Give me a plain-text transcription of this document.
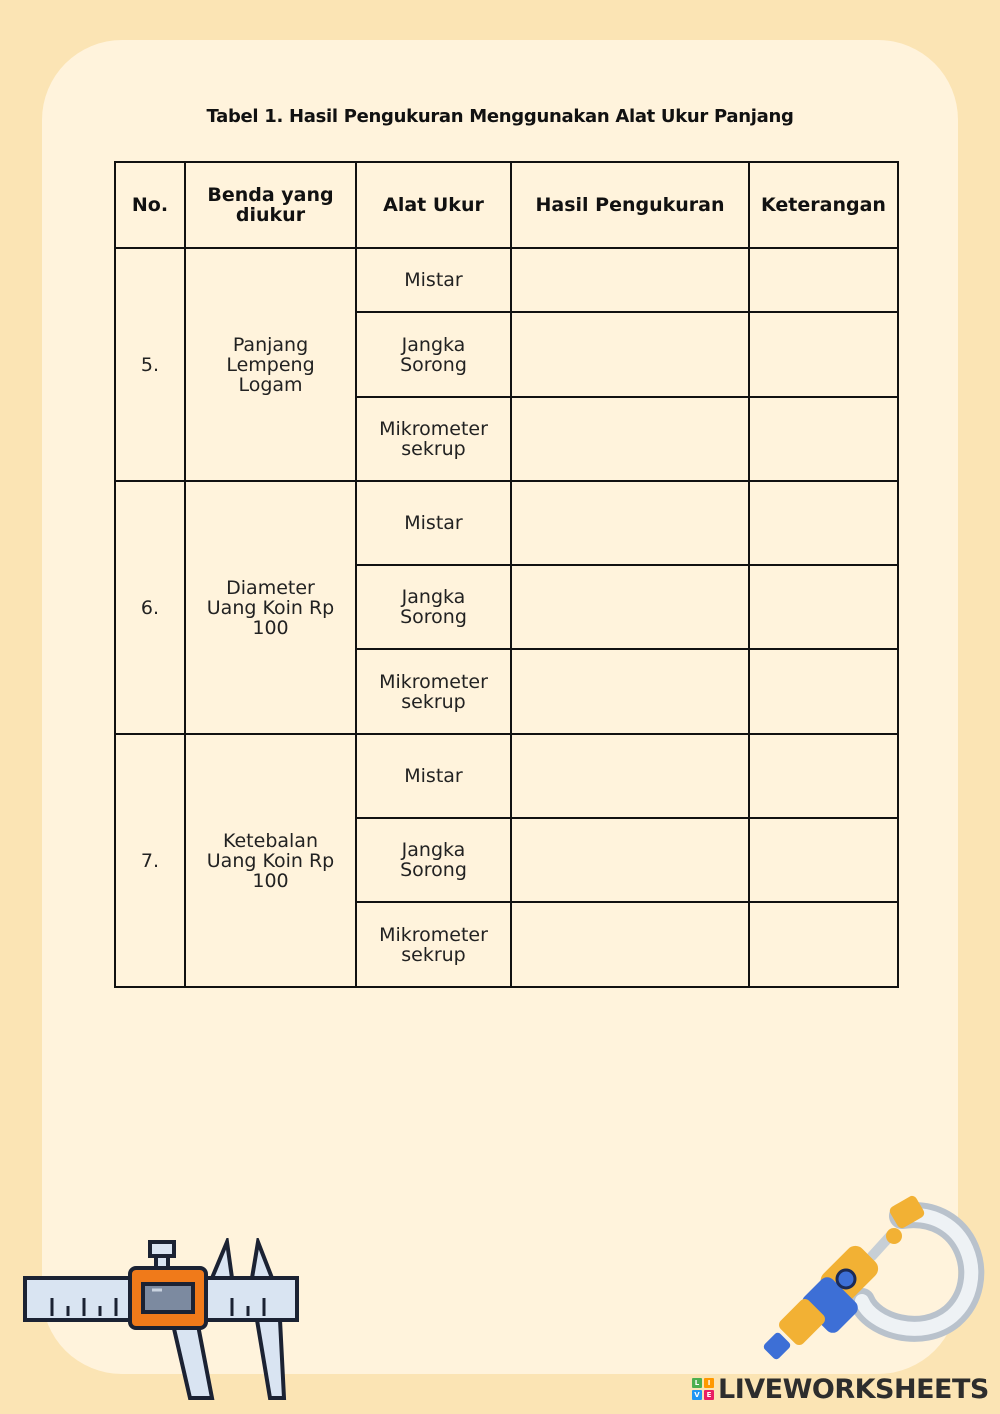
Tabel 1. Hasil Pengukuran Menggunakan Alat Ukur Panjang
No.	Benda yang diukur	Alat Ukur	Hasil Pengukuran	Keterangan
5.	Panjang Lempeng Logam	Mistar		
		Jangka Sorong		
		Mikrometer sekrup		
6.	Diameter Uang Koin Rp 100	Mistar		
		Jangka Sorong		
		Mikrometer sekrup		
7.	Ketebalan Uang Koin Rp 100	Mistar		
		Jangka Sorong		
		Mikrometer sekrup		
L	I
V E LIVEWORKSHEETS
